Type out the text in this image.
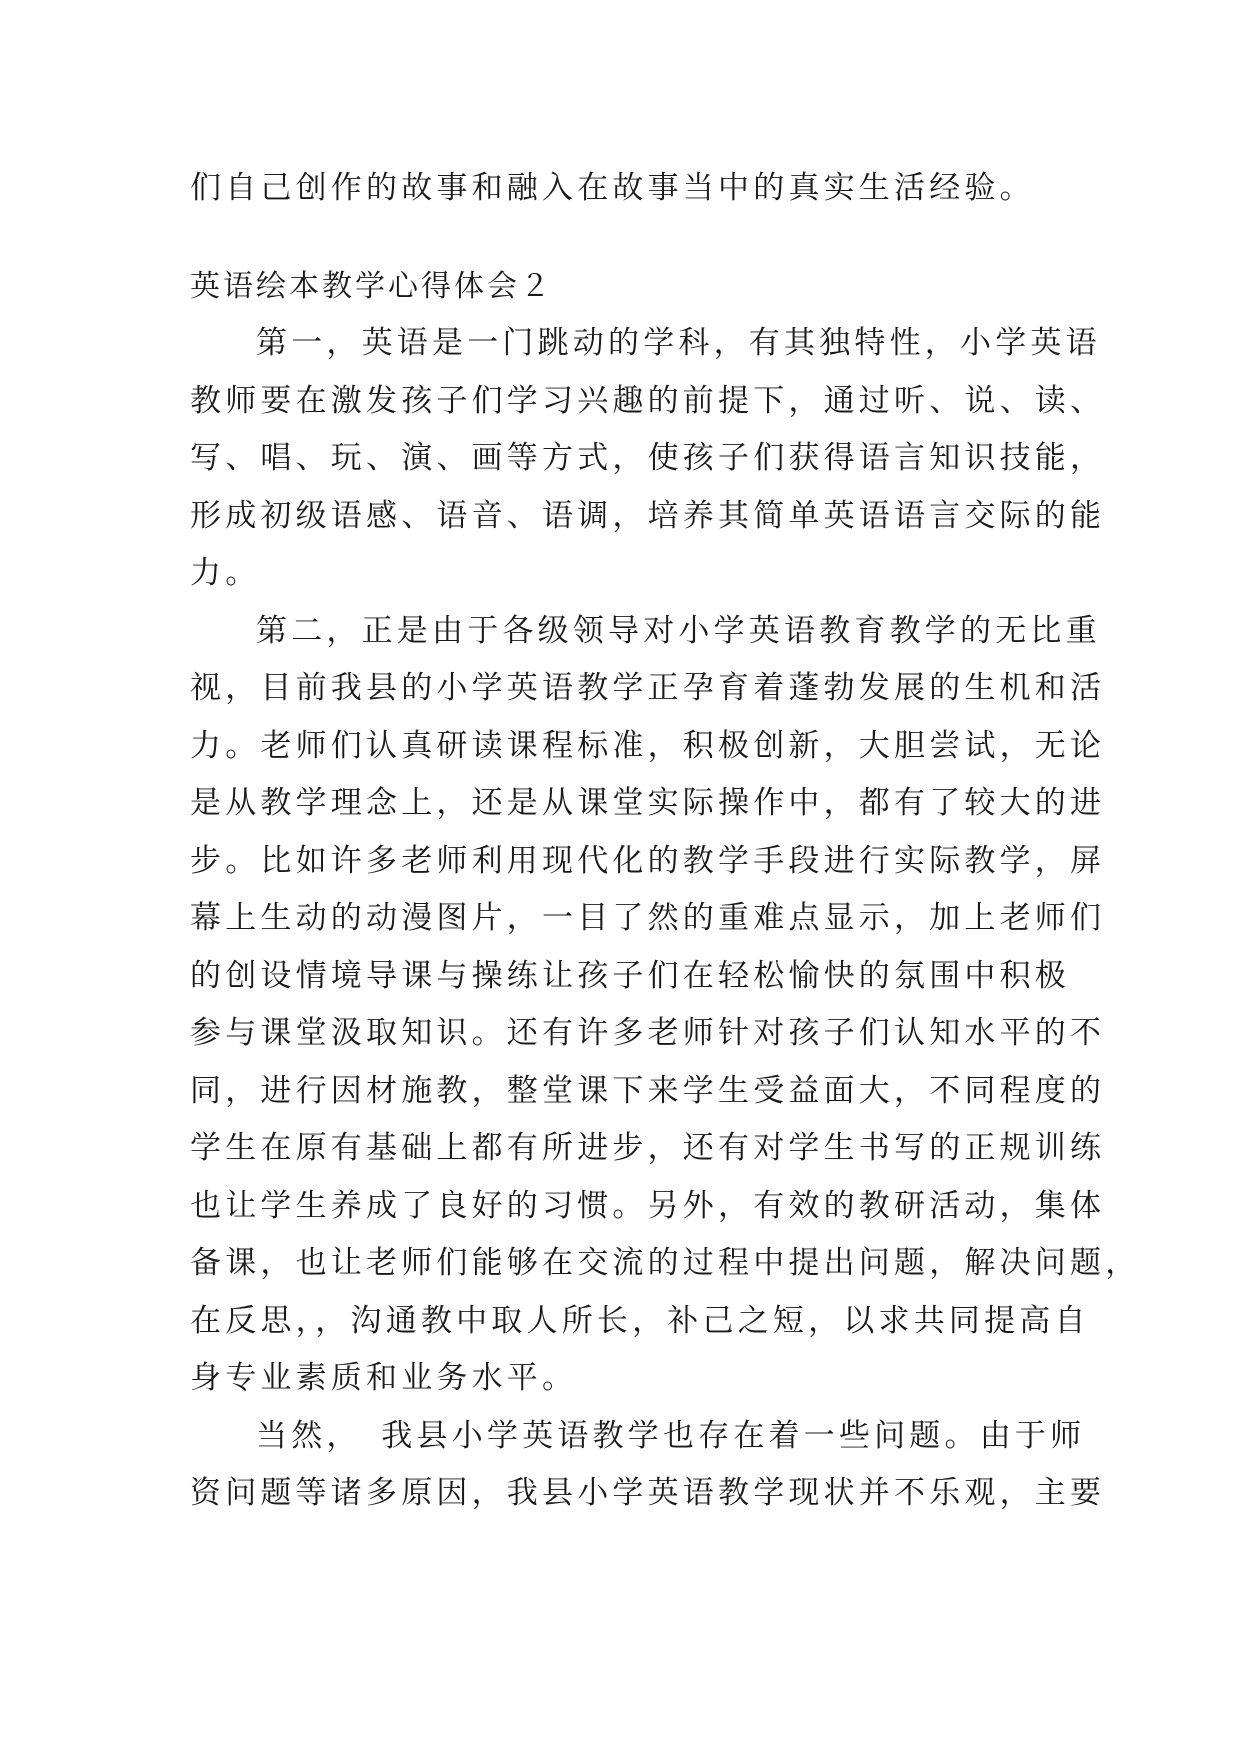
们自己创作的故事和融入在故事当中的真实生活经验。
英语绘本教学心得体会２
第一，英语是一门跳动的学科，有其独特性，小学英语
教师要在激发孩子们学习兴趣的前提下，通过听、说、读、
写、唱、玩、演、画等方式，使孩子们获得语言知识技能，
形成初级语感、语音、语调，培养其简单英语语言交际的能
力。
第二，正是由于各级领导对小学英语教育教学的无比重
视，目前我县的小学英语教学正孕育着蓬勃发展的生机和活
力。老师们认真研读课程标准，积极创新，大胆尝试，无论
是从教学理念上，还是从课堂实际操作中，都有了较大的进
步。比如许多老师利用现代化的教学手段进行实际教学，屏
幕上生动的动漫图片，一目了然的重难点显示，加上老师们
的创设情境导课与操练让孩子们在轻松愉快的氛围中积极
参与课堂汲取知识。还有许多老师针对孩子们认知水平的不
同，进行因材施教，整堂课下来学生受益面大，不同程度的
学生在原有基础上都有所进步，还有对学生书写的正规训练
也让学生养成了良好的习惯。另外，有效的教研活动，集体
备课，也让老师们能够在交流的过程中提出问题，解决问题，
在反思，，沟通教中取人所长，补己之短，以求共同提高自
身专业素质和业务水平。
当然，　我县小学英语教学也存在着一些问题。由于师
资问题等诸多原因，我县小学英语教学现状并不乐观，主要
